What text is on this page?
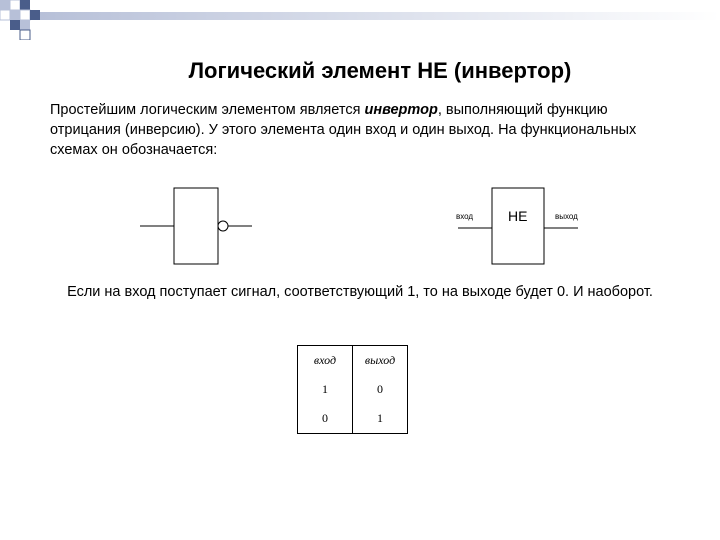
Логический элемент НЕ (инвертор)
Простейшим логическим элементом является инвертор, выполняющий функцию отрицания (инверсию). У этого элемента один вход и один выход. На функциональных схемах он обозначается:
НЕ
вход	выход
Если на вход поступает сигнал, соответствующий 1, то на выходе будет 0. И наоборот.
вход	выход
1	0
0	1
